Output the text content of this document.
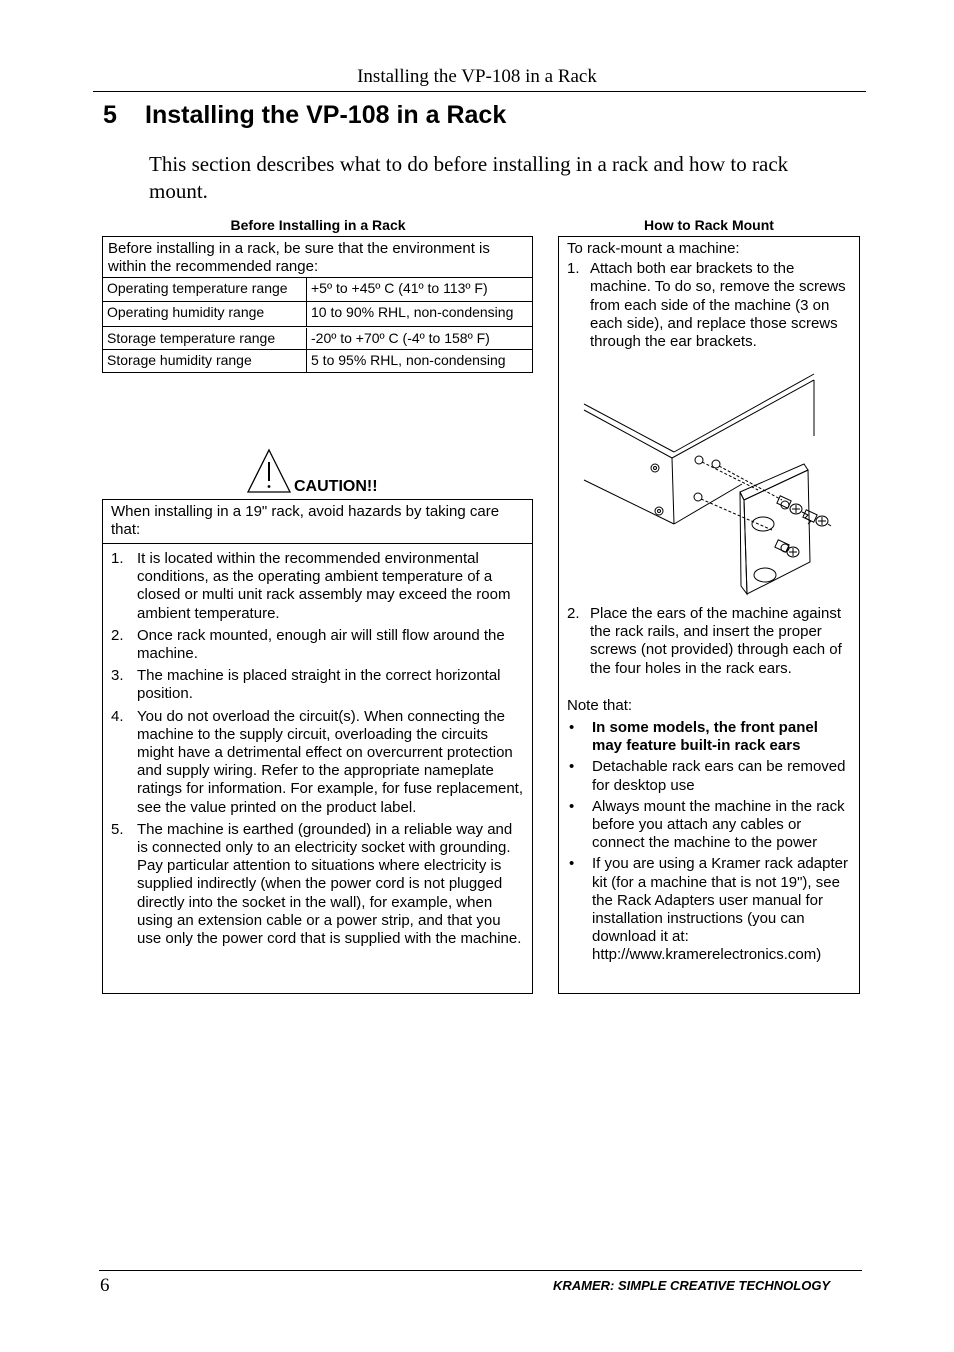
Installing the VP-108 in a Rack
5 Installing the VP-108 in a Rack
This section describes what to do before installing in a rack and how to rack mount.
Before Installing in a Rack	How to Rack Mount
Before installing in a rack, be sure that the environment is within the recommended range:
Operating temperature range	+5º to +45º C (41º to 113º F)
Operating humidity range	10 to 90% RHL, non-condensing
Storage temperature range	-20º to +70º C (-4º to 158º F)
Storage humidity range	5 to 95% RHL, non-condensing
CAUTION!!
When installing in a 19" rack, avoid hazards by taking care that:
1. It is located within the recommended environmental conditions, as the operating ambient temperature of a closed or multi unit rack assembly may exceed the room ambient temperature.
2. Once rack mounted, enough air will still flow around the machine.
3. The machine is placed straight in the correct horizontal position.
4. You do not overload the circuit(s). When connecting the machine to the supply circuit, overloading the circuits might have a detrimental effect on overcurrent protection and supply wiring. Refer to the appropriate nameplate ratings for information. For example, for fuse replacement, see the value printed on the product label.
5. The machine is earthed (grounded) in a reliable way and is connected only to an electricity socket with grounding. Pay particular attention to situations where electricity is supplied indirectly (when the power cord is not plugged directly into the socket in the wall), for example, when using an extension cable or a power strip, and that you use only the power cord that is supplied with the machine.
To rack-mount a machine:
1. Attach both ear brackets to the machine. To do so, remove the screws from each side of the machine (3 on each side), and replace those screws through the ear brackets.
2. Place the ears of the machine against the rack rails, and insert the proper screws (not provided) through each of the four holes in the rack ears.
Note that:
•	In some models, the front panel may feature built-in rack ears
•	Detachable rack ears can be removed for desktop use
•	Always mount the machine in the rack before you attach any cables or connect the machine to the power
•	If you are using a Kramer rack adapter kit (for a machine that is not 19"), see the Rack Adapters user manual for installation instructions (you can download it at: http://www.kramerelectronics.com)
6	KRAMER: SIMPLE CREATIVE TECHNOLOGY
